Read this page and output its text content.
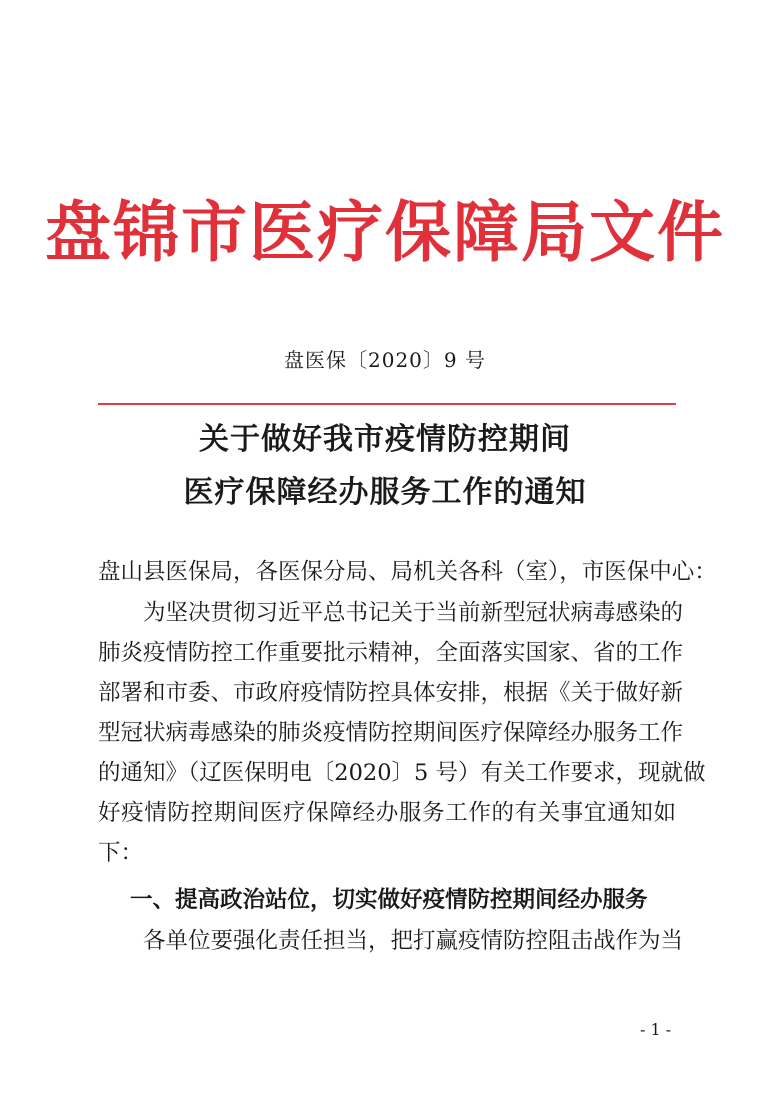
盘锦市医疗保障局文件
盘医保〔2020〕9 号
关于做好我市疫情防控期间
医疗保障经办服务工作的通知
盘山县医保局，各医保分局、局机关各科（室），市医保中心：
为坚决贯彻习近平总书记关于当前新型冠状病毒感染的
肺炎疫情防控工作重要批示精神，全面落实国家、省的工作
部署和市委、市政府疫情防控具体安排，根据《关于做好新
型冠状病毒感染的肺炎疫情防控期间医疗保障经办服务工作
的通知》（辽医保明电〔2020〕5 号）有关工作要求，现就做
好疫情防控期间医疗保障经办服务工作的有关事宜通知如
下：
一、提高政治站位，切实做好疫情防控期间经办服务
各单位要强化责任担当，把打赢疫情防控阻击战作为当
- 1 -
